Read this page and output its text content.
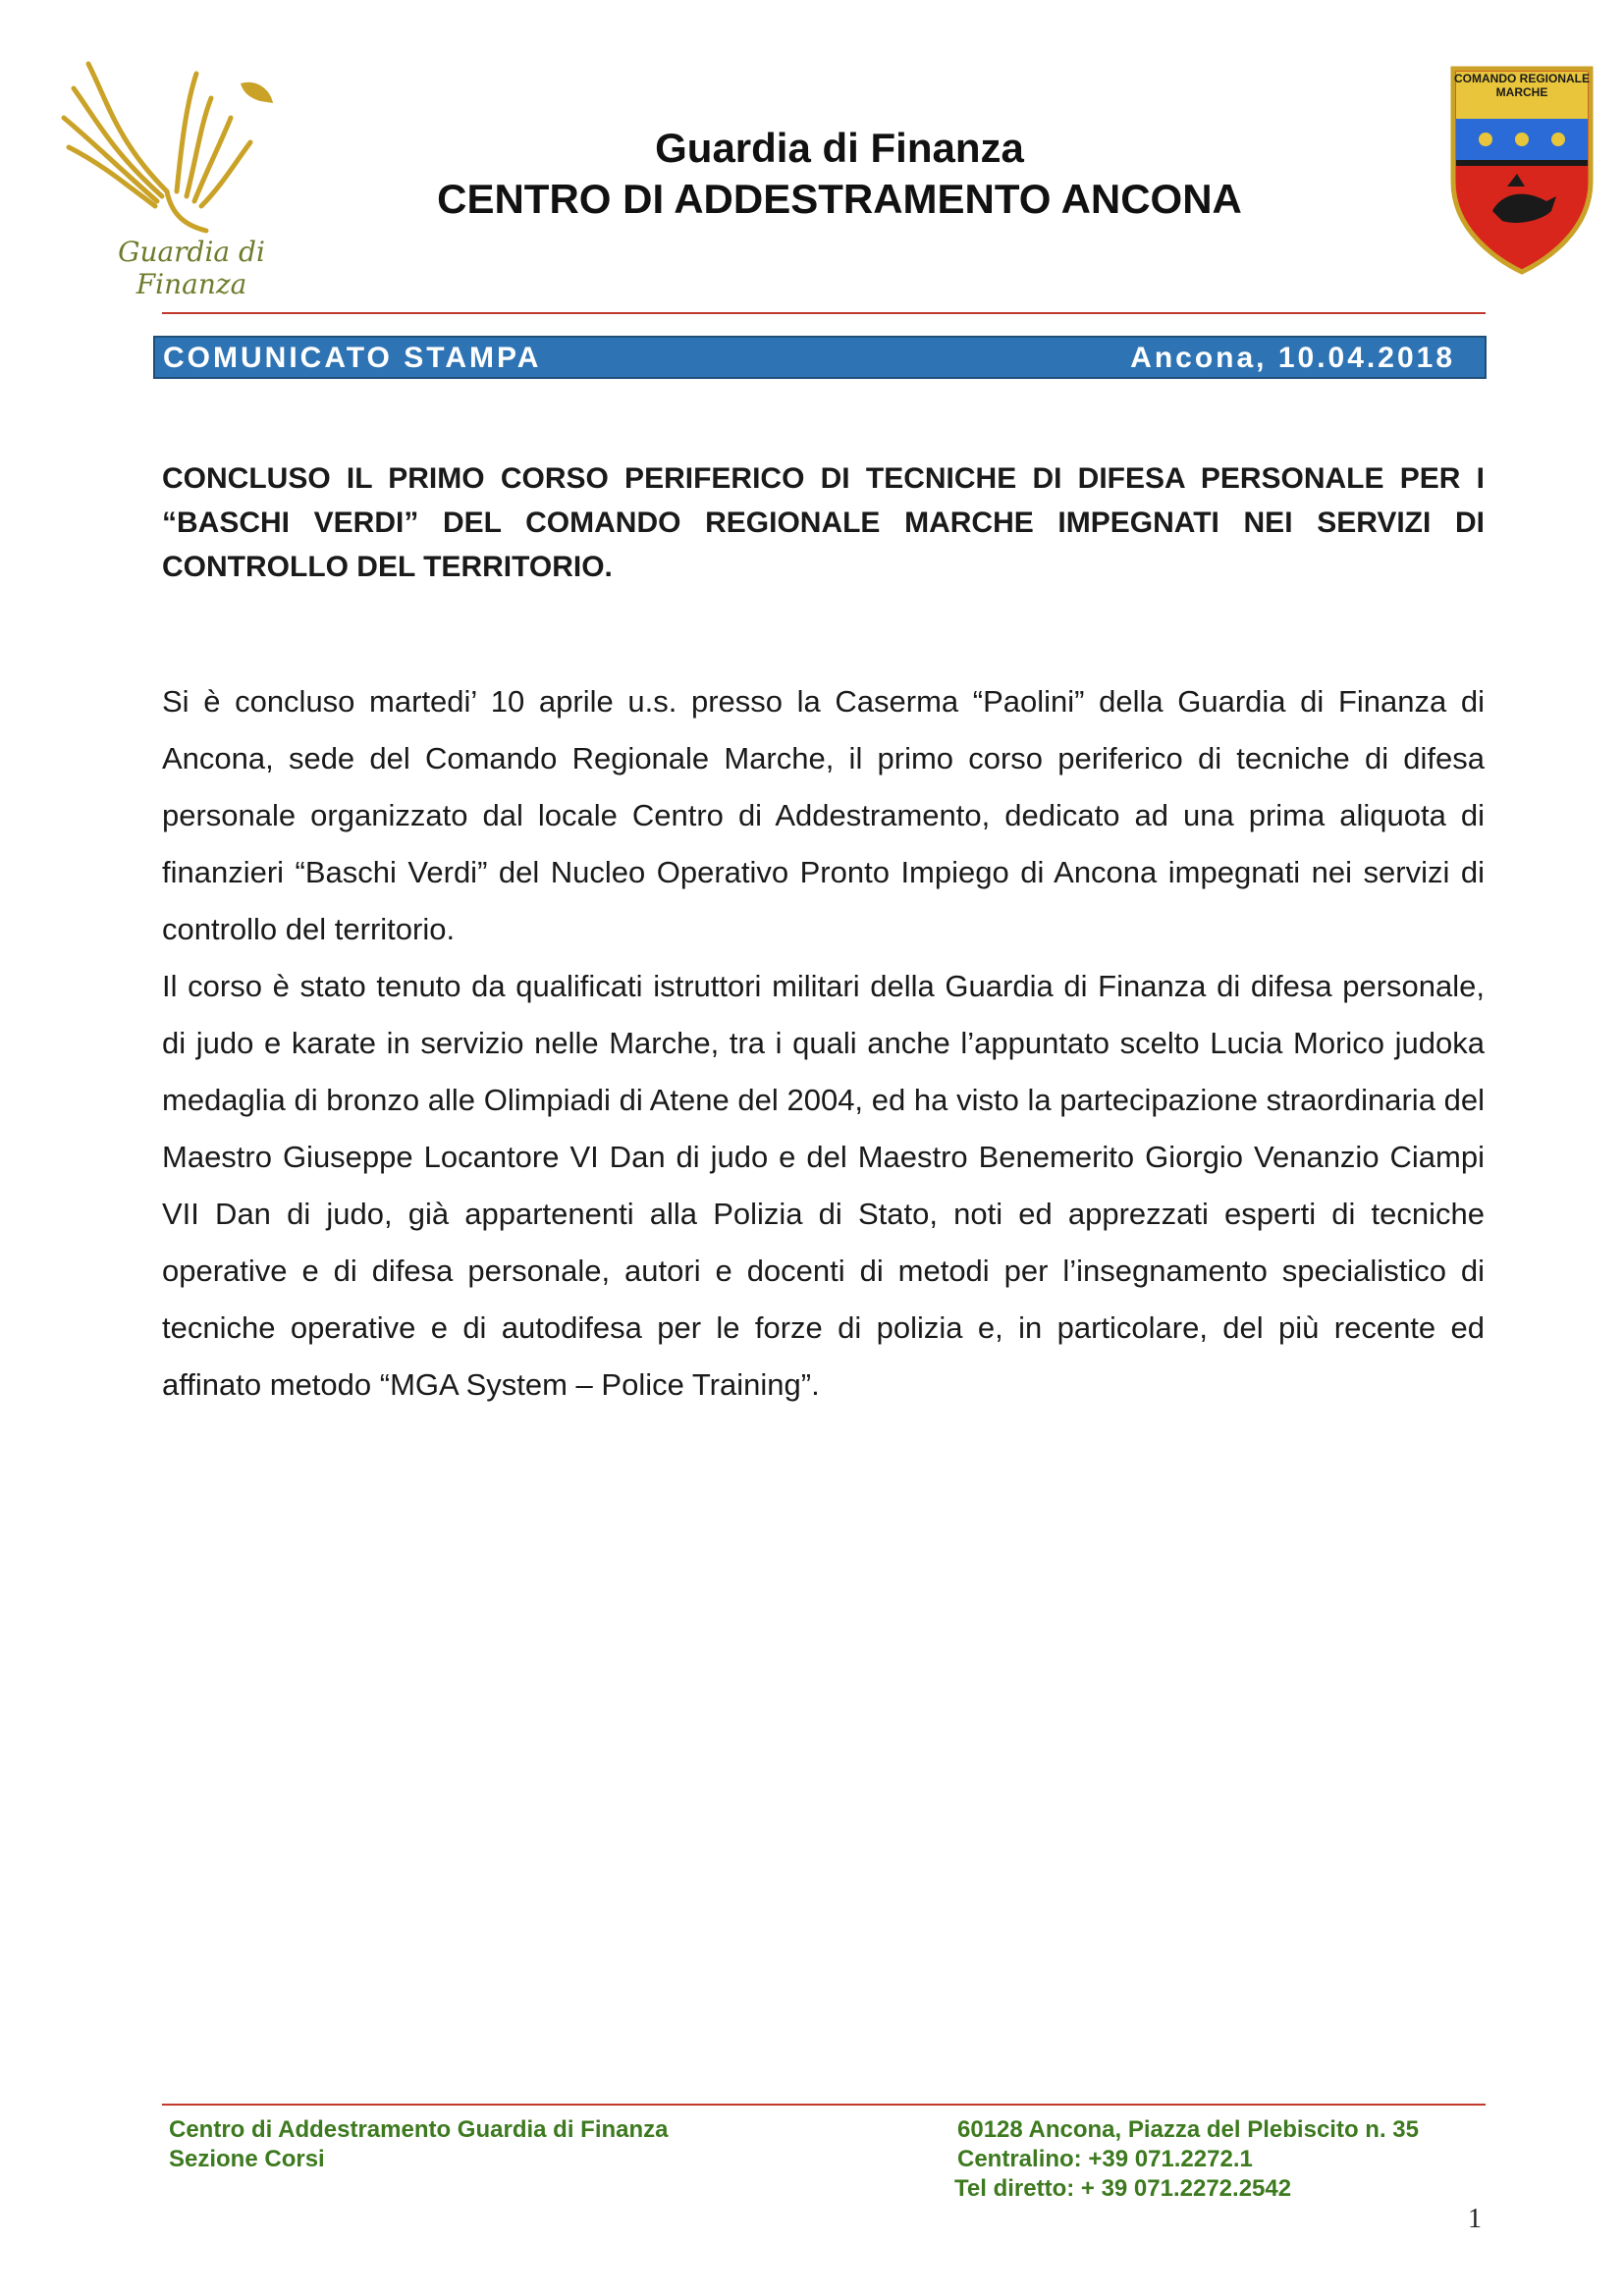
Guardia di Finanza
COMANDO REGIONALE
MARCHE
Guardia di Finanza
CENTRO DI ADDESTRAMENTO ANCONA
COMUNICATO STAMPA	Ancona, 10.04.2018
CONCLUSO IL PRIMO CORSO PERIFERICO DI TECNICHE DI DIFESA PERSONALE PER I “BASCHI VERDI” DEL COMANDO REGIONALE MARCHE IMPEGNATI NEI SERVIZI DI CONTROLLO DEL TERRITORIO.

Si è concluso martedi’ 10 aprile u.s. presso la Caserma “Paolini” della Guardia di Finanza di Ancona, sede del Comando Regionale Marche, il primo corso periferico di tecniche di difesa personale organizzato dal locale Centro di Addestramento, dedicato ad una prima aliquota di finanzieri “Baschi Verdi” del Nucleo Operativo Pronto Impiego di Ancona impegnati nei servizi di controllo del territorio.

Il corso è stato tenuto da qualificati istruttori militari della Guardia di Finanza di difesa personale, di judo e karate in servizio nelle Marche, tra i quali anche l’appuntato scelto Lucia Morico judoka medaglia di bronzo alle Olimpiadi di Atene del 2004, ed ha visto la partecipazione straordinaria del Maestro Giuseppe Locantore VI Dan di judo e del Maestro Benemerito Giorgio Venanzio Ciampi VII Dan di judo, già appartenenti alla Polizia di Stato, noti ed apprezzati esperti di tecniche operative e di difesa personale, autori e docenti di metodi per l’insegnamento specialistico di tecniche operative e di autodifesa per le forze di polizia e, in particolare, del più recente ed affinato metodo “MGA System – Police Training”.

Centro di Addestramento Guardia di Finanza
Sezione Corsi
60128 Ancona, Piazza del Plebiscito n. 35
Centralino: +39 071.2272.1
Tel diretto: + 39 071.2272.2542
1
